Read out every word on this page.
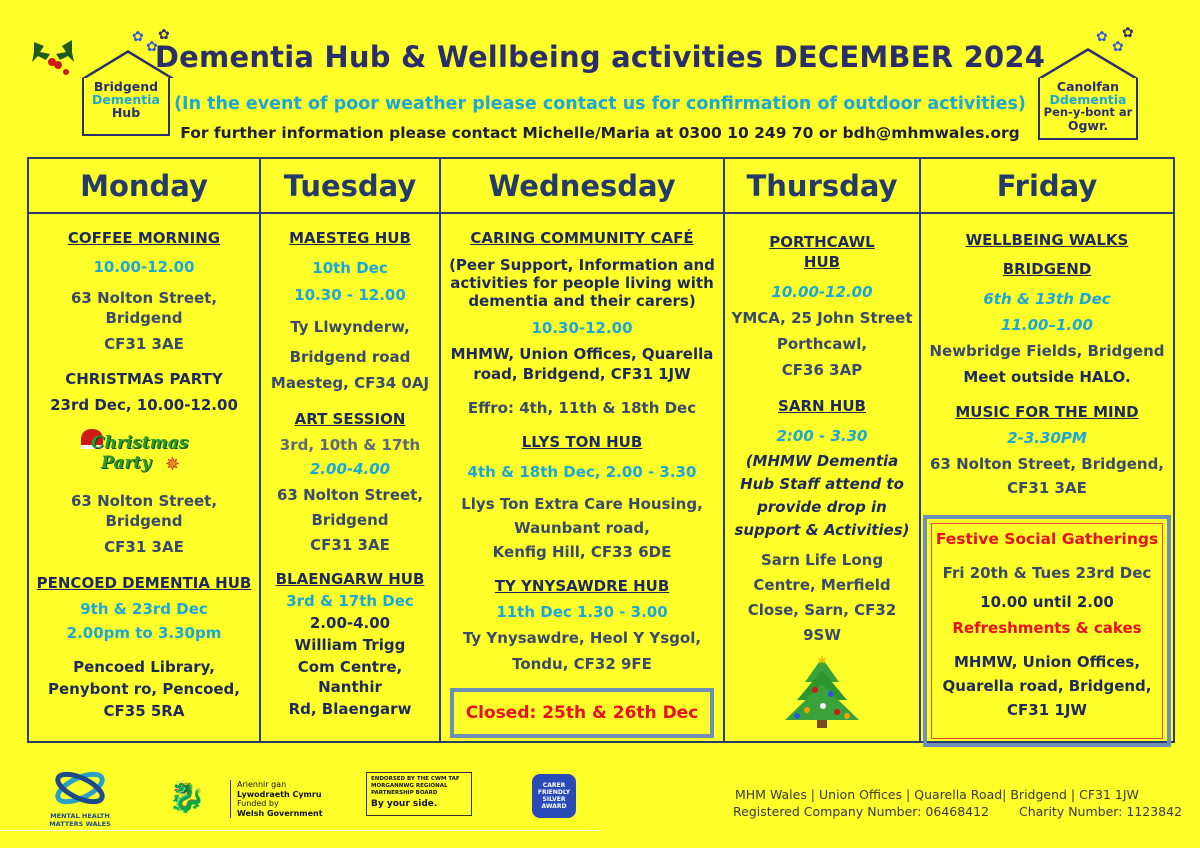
✿
✿
✿
Bridgend
Dementia
Hub
Dementia Hub & Wellbeing activities DECEMBER 2024
(In the event of poor weather please contact us for confirmation of outdoor activities)
For further information please contact Michelle/Maria at 0300 10 249 70 or bdh@mhmwales.org
✿
✿
✿
Canolfan
Ddementia
Pen-y-bont ar
Ogwr.
Monday

COFFEE MORNING

10.00-12.00

63 Nolton Street, Bridgend

CF31 3AE

CHRISTMAS PARTY

23rd Dec, 10.00-12.00

Christmas
Party ✵

63 Nolton Street, Bridgend

CF31 3AE

PENCOED DEMENTIA HUB

9th & 23rd Dec

2.00pm to 3.30pm

Pencoed Library,

Penybont ro, Pencoed,

CF35 5RA

Tuesday

MAESTEG HUB

10th Dec

10.30 - 12.00

Ty Llwynderw,

Bridgend road

Maesteg, CF34 0AJ

ART SESSION

3rd, 10th & 17th

2.00-4.00

63 Nolton Street,

Bridgend

CF31 3AE

BLAENGARW HUB

3rd & 17th Dec

2.00-4.00

William Trigg

Com Centre, Nanthir

Rd, Blaengarw

Wednesday

CARING COMMUNITY CAFÉ

(Peer Support, Information and

activities for people living with

dementia and their carers)

10.30-12.00

MHMW, Union Offices, Quarella

road, Bridgend, CF31 1JW

Effro: 4th, 11th & 18th Dec

LLYS TON HUB

4th & 18th Dec, 2.00 - 3.30

Llys Ton Extra Care Housing,

Waunbant road,

Kenfig Hill, CF33 6DE

TY YNYSAWDRE HUB

11th Dec 1.30 - 3.00

Ty Ynysawdre, Heol Y Ysgol,

Tondu, CF32 9FE

Thursday

PORTHCAWL

HUB

10.00-12.00

YMCA, 25 John Street

Porthcawl,

CF36 3AP

SARN HUB

2:00 - 3.30

(MHMW Dementia

Hub Staff attend to

provide drop in

support & Activities)

Sarn Life Long

Centre, Merfield

Close, Sarn, CF32 9SW

★
Friday

WELLBEING WALKS

BRIDGEND

6th & 13th Dec

11.00–1.00

Newbridge Fields, Bridgend

Meet outside HALO.

MUSIC FOR THE MIND

2-3.30PM

63 Nolton Street, Bridgend,

CF31 3AE

Closed: 25th & 26th Dec

Festive Social Gatherings

Fri 20th & Tues 23rd Dec

10.00 until 2.00

Refreshments & cakes

MHMW, Union Offices,

Quarella road, Bridgend,

CF31 1JW

MENTAL HEALTH
MATTERS WALES
🐉	Ariennir gan
Lywodraeth Cymru
Funded by
Welsh Government
ENDORSED BY THE CWM TAF
MORGANNWG REGIONAL
PARTNERSHIP BOARD
By your side.
CARER
FRIENDLY
SILVER AWARD
MHM Wales | Union Offices | Quarella Road| Bridgend | CF31 1JW
Registered Company Number: 06468412 Charity Number: 1123842
